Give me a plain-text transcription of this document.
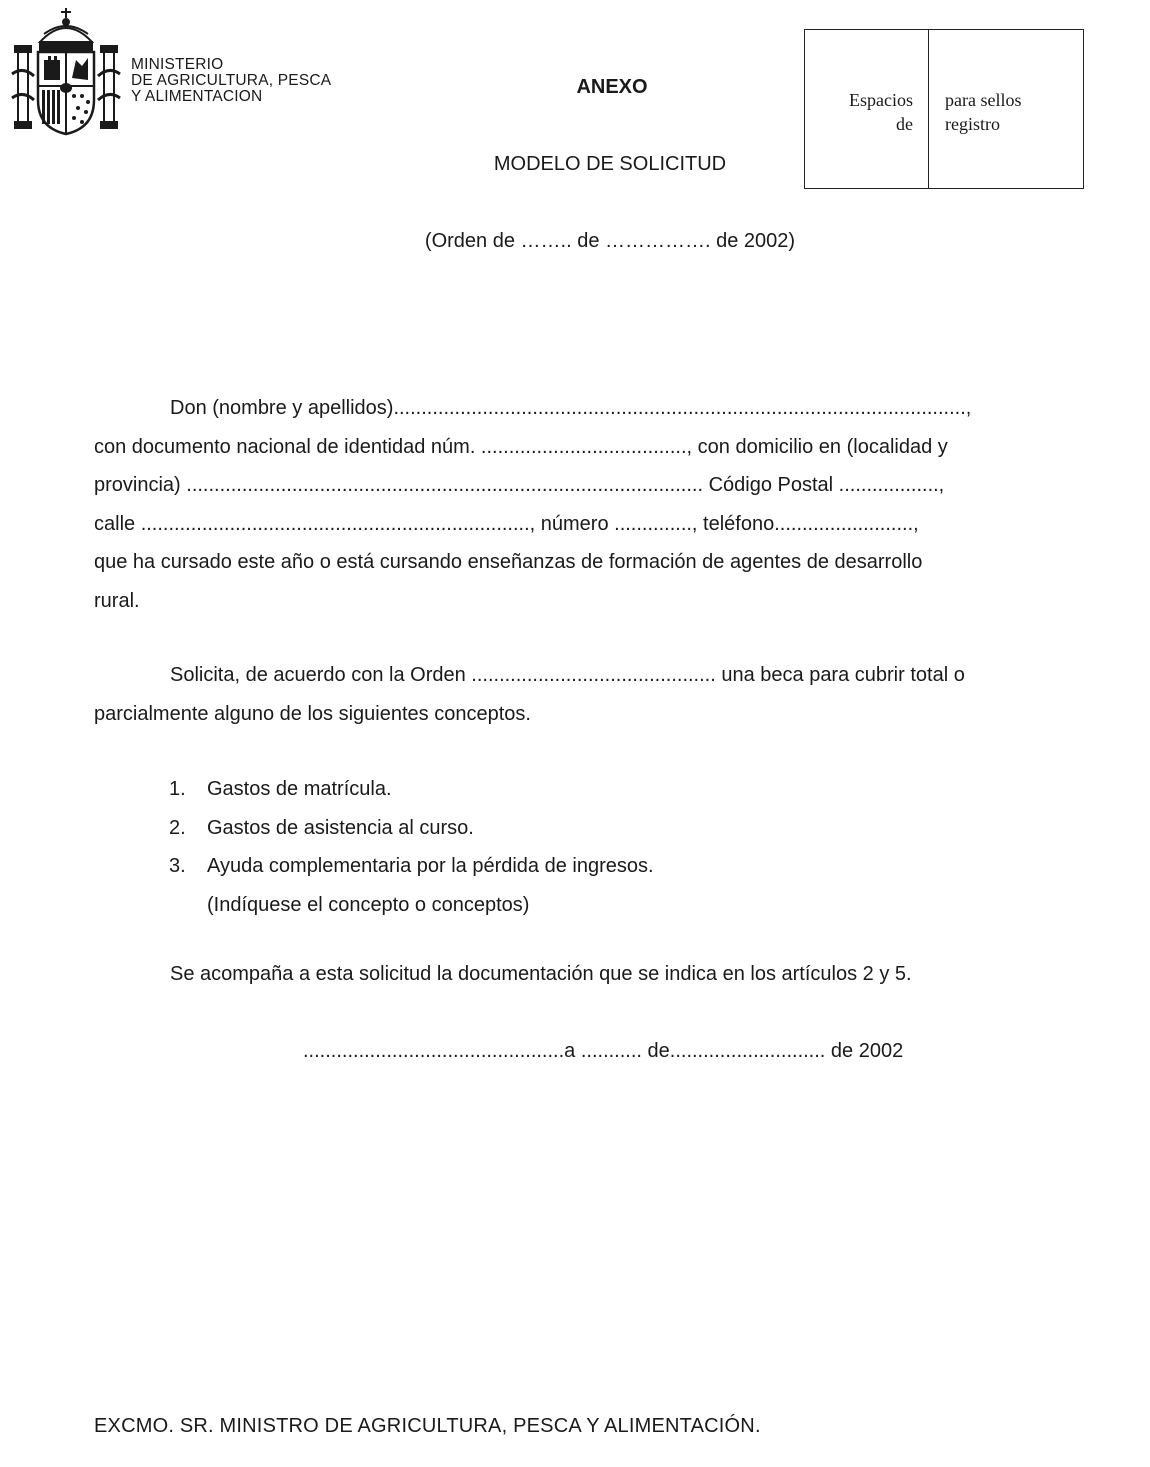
MINISTERIO
DE AGRICULTURA, PESCA
Y ALIMENTACION	ANEXO
Espacios
de
para sellos
registro
MODELO DE SOLICITUD
(Orden de …….. de ……………. de 2002)
Don (nombre y apellidos).......................................................................................................,
con documento nacional de identidad núm. ....................................., con domicilio en (localidad y
provincia) ............................................................................................. Código Postal ..................,
calle ......................................................................, número .............., teléfono.........................,
que ha cursado este año o está cursando enseñanzas de formación de agentes de desarrollo
rural.
Solicita, de acuerdo con la Orden ............................................ una beca para cubrir total o
parcialmente alguno de los siguientes conceptos.
1. Gastos de matrícula.
2. Gastos de asistencia al curso.
3. Ayuda complementaria por la pérdida de ingresos.
(Indíquese el concepto o conceptos)
Se acompaña a esta solicitud la documentación que se indica en los artículos 2 y 5.
...............................................a ........... de............................ de 2002
EXCMO. SR. MINISTRO DE AGRICULTURA, PESCA Y ALIMENTACIÓN.
